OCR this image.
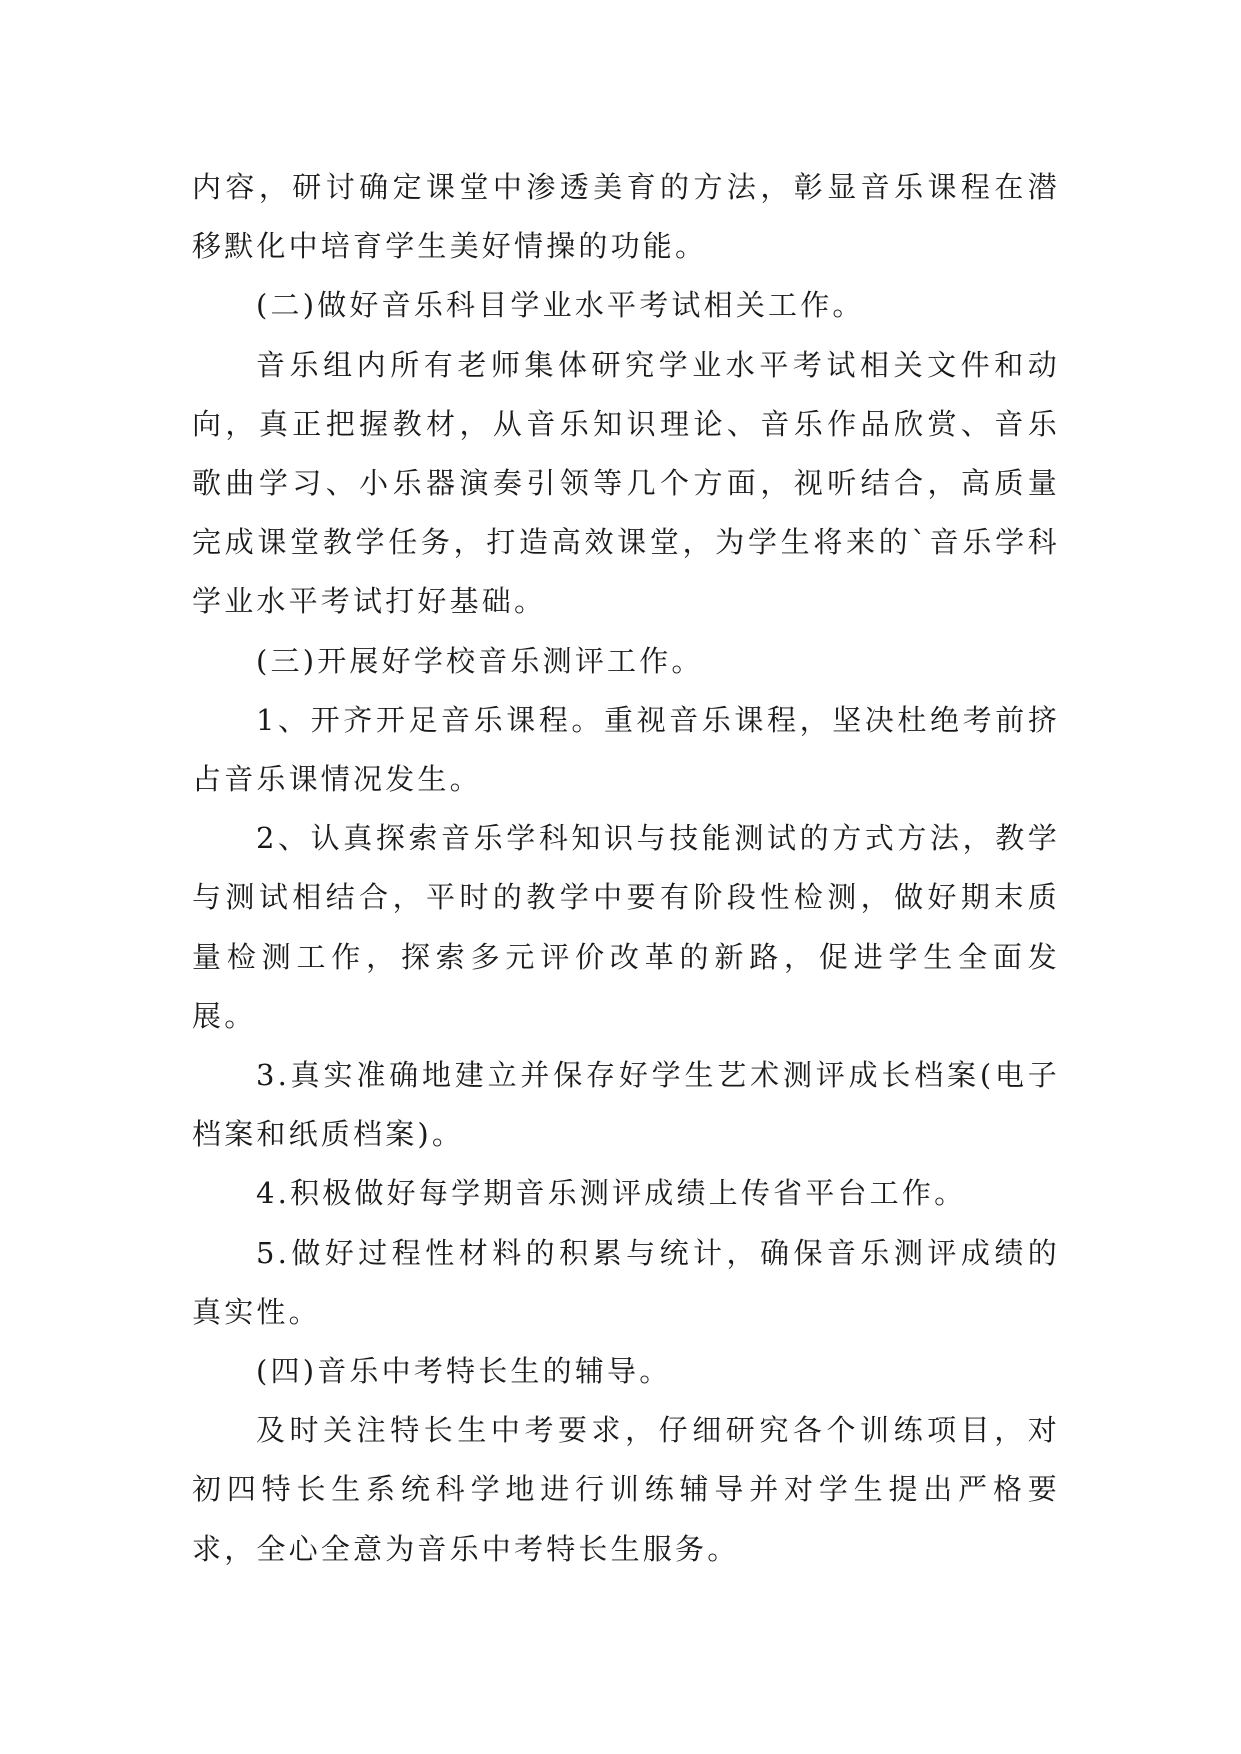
内容，研讨确定课堂中渗透美育的方法，彰显音乐课程在潜移默化中培育学生美好情操的功能。

(二)做好音乐科目学业水平考试相关工作。

音乐组内所有老师集体研究学业水平考试相关文件和动向，真正把握教材，从音乐知识理论、音乐作品欣赏、音乐歌曲学习、小乐器演奏引领等几个方面，视听结合，高质量完成课堂教学任务，打造高效课堂，为学生将来的`音乐学科学业水平考试打好基础。

(三)开展好学校音乐测评工作。

1、开齐开足音乐课程。重视音乐课程，坚决杜绝考前挤占音乐课情况发生。

2、认真探索音乐学科知识与技能测试的方式方法，教学与测试相结合，平时的教学中要有阶段性检测，做好期末质量检测工作，探索多元评价改革的新路，促进学生全面发展。

3.真实准确地建立并保存好学生艺术测评成长档案(电子档案和纸质档案)。

4.积极做好每学期音乐测评成绩上传省平台工作。

5.做好过程性材料的积累与统计，确保音乐测评成绩的真实性。

(四)音乐中考特长生的辅导。

及时关注特长生中考要求，仔细研究各个训练项目，对初四特长生系统科学地进行训练辅导并对学生提出严格要求，全心全意为音乐中考特长生服务。
